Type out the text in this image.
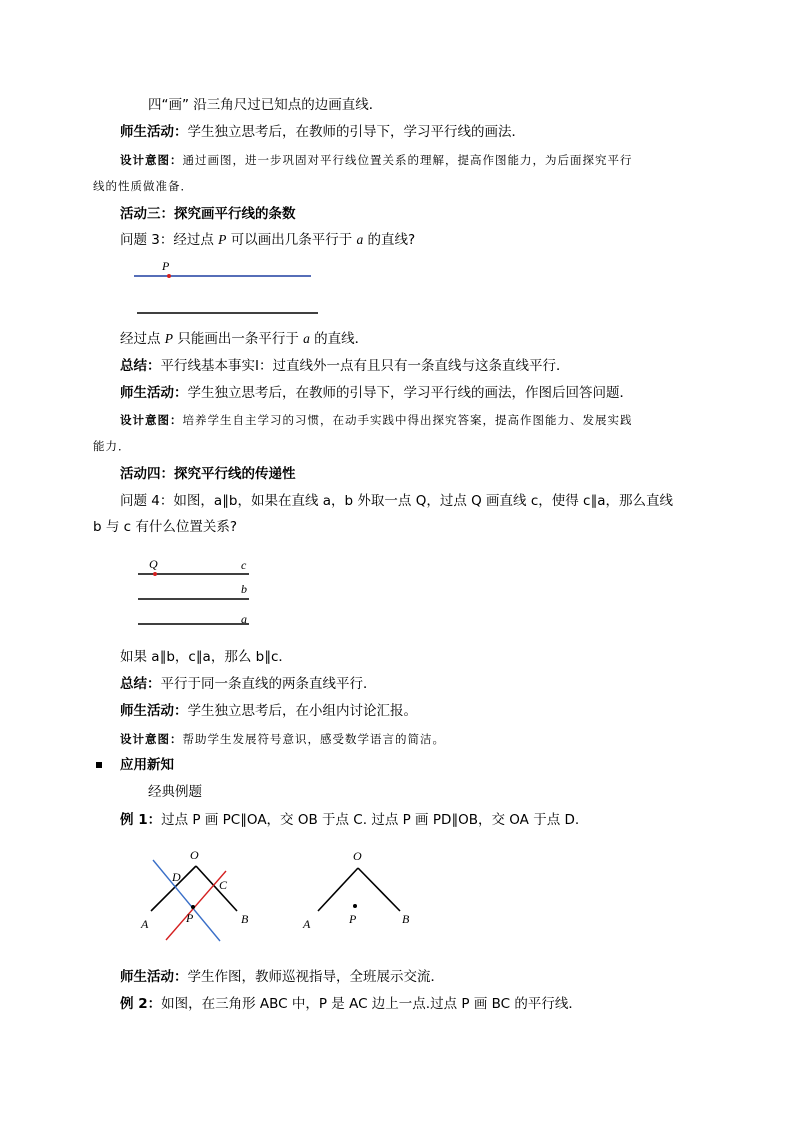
四“画” 沿三角尺过已知点的边画直线．
师生活动：学生独立思考后，在教师的引导下，学习平行线的画法．
设计意图：通过画图，进一步巩固对平行线位置关系的理解，提高作图能力，为后面探究平行
线的性质做准备．
活动三：探究画平行线的条数
问题 3：经过点 P 可以画出几条平行于 a 的直线?
经过点 P 只能画出一条平行于 a 的直线．
总结：平行线基本事实Ⅰ：过直线外一点有且只有一条直线与这条直线平行．
师生活动：学生独立思考后，在教师的引导下，学习平行线的画法，作图后回答问题．
设计意图：培养学生自主学习的习惯，在动手实践中得出探究答案，提高作图能力、发展实践
能力．
活动四：探究平行线的传递性
问题 4：如图，a∥b，如果在直线 a，b 外取一点 Q，过点 Q 画直线 c，使得 c∥a，那么直线
b 与 c 有什么位置关系?
如果 a∥b，c∥a，那么 b∥c．
总结：平行于同一条直线的两条直线平行．
师生活动：学生独立思考后，在小组内讨论汇报。
设计意图：帮助学生发展符号意识，感受数学语言的简洁。
应用新知
经典例题
例 1：过点 P 画 PC∥OA，交 OB 于点 C. 过点 P 画 PD∥OB，交 OA 于点 D.
师生活动：学生作图，教师巡视指导，全班展示交流．
例 2：如图，在三角形 ABC 中，P 是 AC 边上一点.过点 P 画 BC 的平行线．
P
Q	c
b
a
O
D
C
A	P	B
O
A	P	B
